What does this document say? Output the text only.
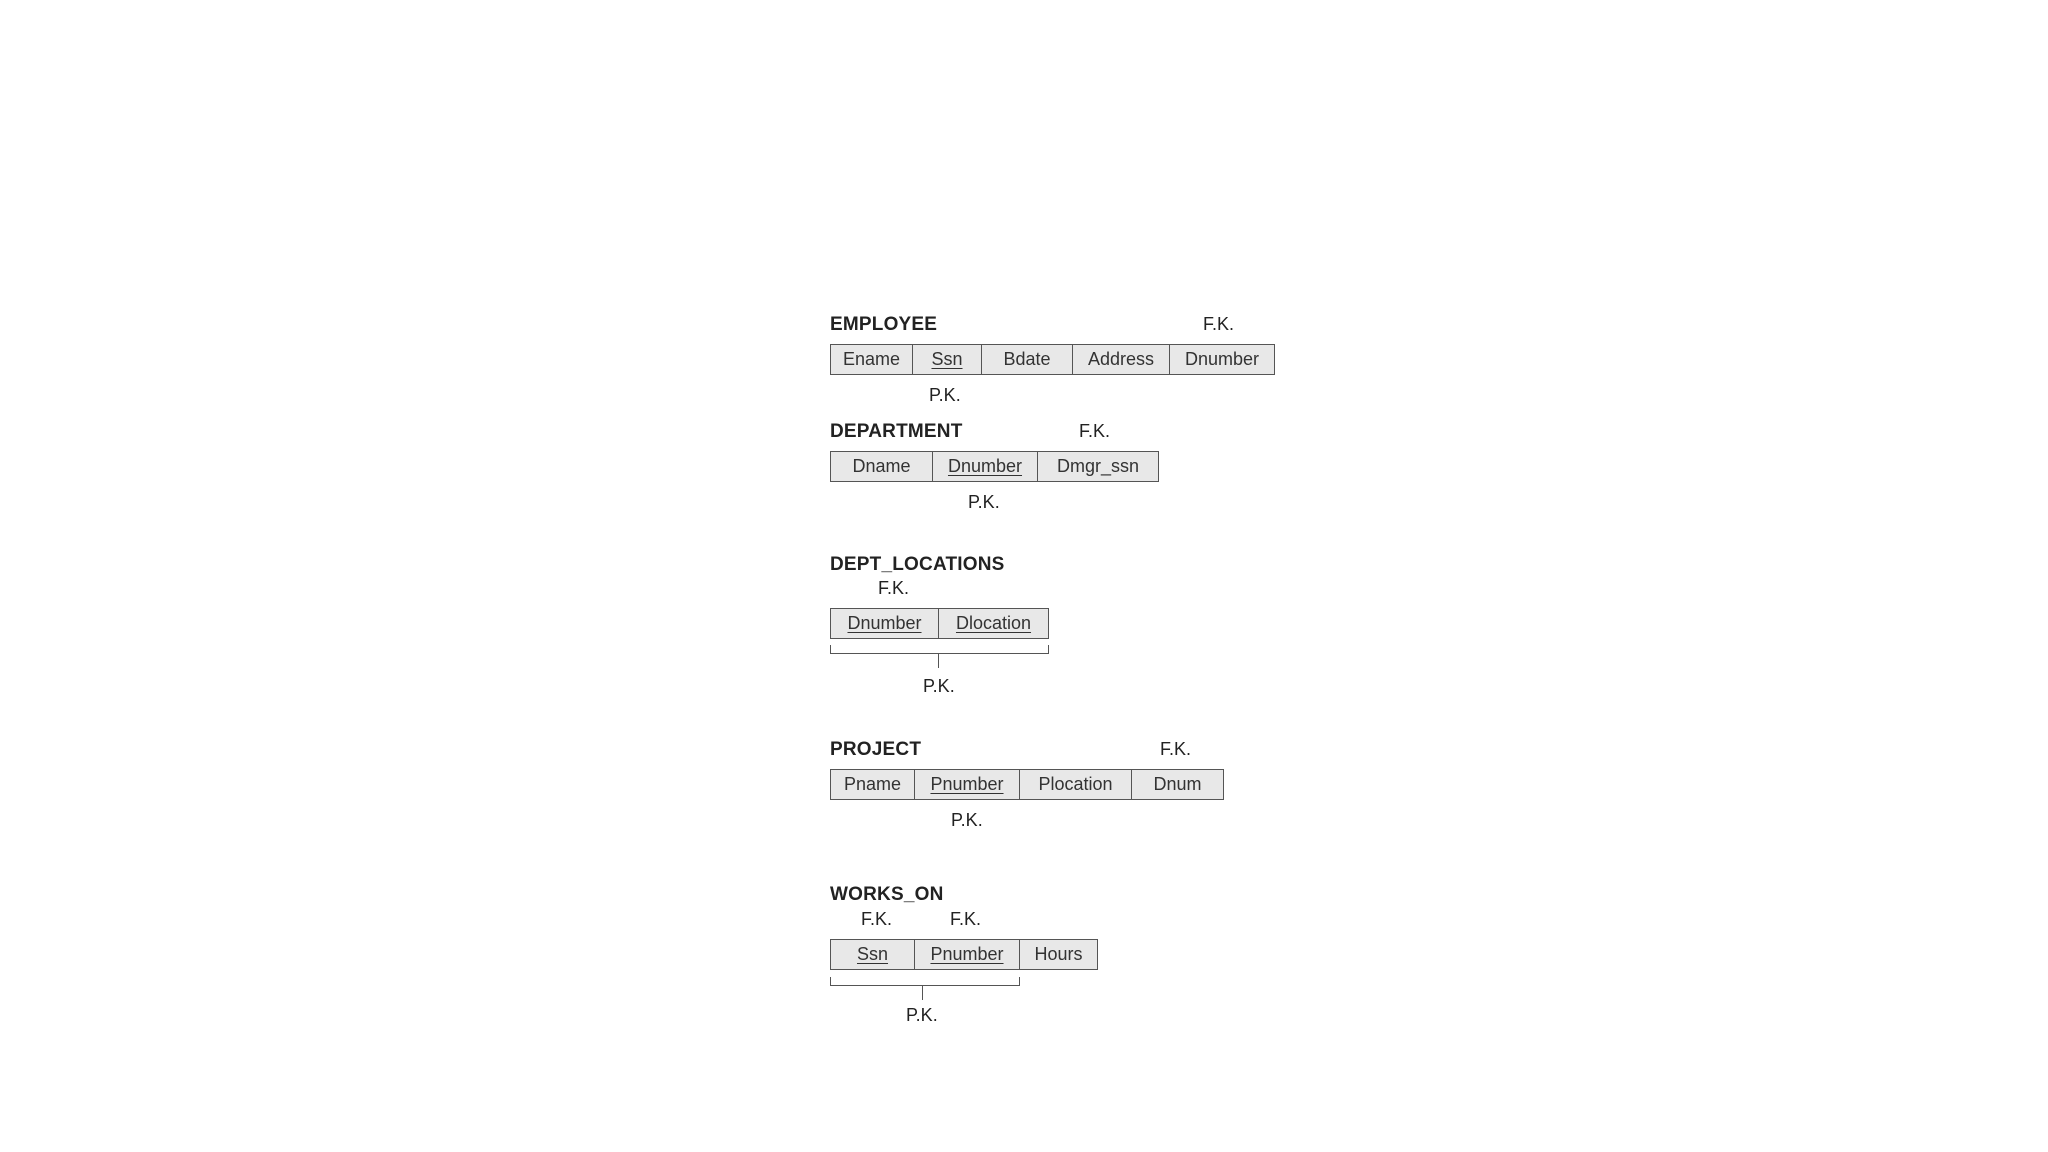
EMPLOYEE	F.K.
Ename	Ssn	Bdate	Address	Dnumber
P.K.
DEPARTMENT	F.K.
Dname	Dnumber	Dmgr_ssn
P.K.
DEPT_LOCATIONS
F.K.
Dnumber	Dlocation
P.K.
PROJECT	F.K.
Pname	Pnumber	Plocation	Dnum
P.K.
WORKS_ON
F.K.	F.K.
Ssn	Pnumber	Hours
P.K.
